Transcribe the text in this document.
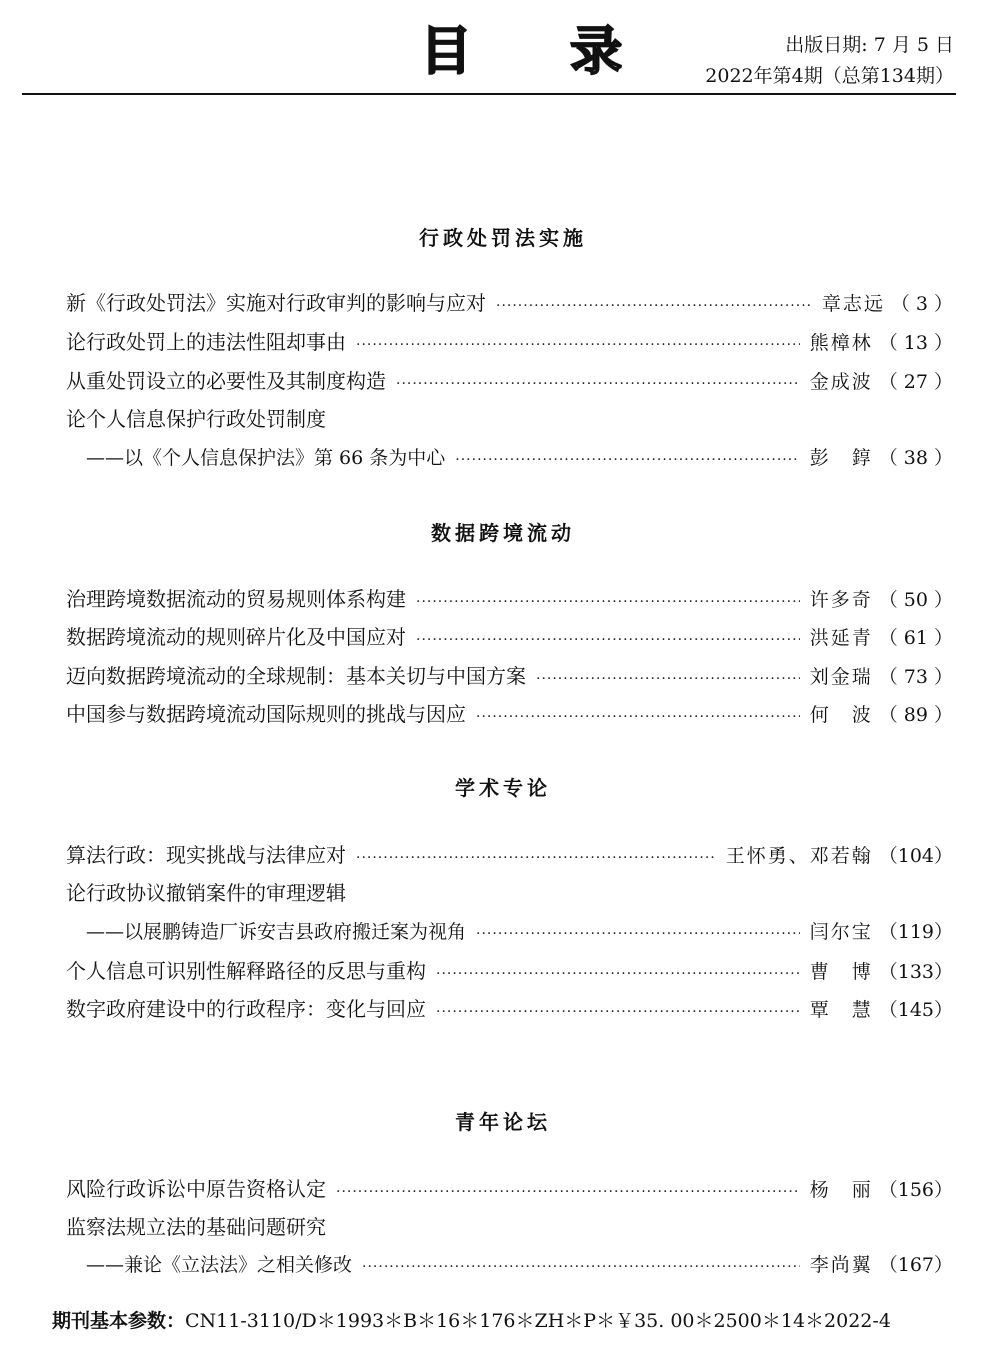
目 录	出版日期: 7 月 5 日
2022年第4期（总第134期）
行政处罚法实施
新《行政处罚法》实施对行政审判的影响与应对 ·····	章志远 （ 3 ）
论行政处罚上的违法性阻却事由 ·····	熊樟林 （ 13 ）
从重处罚设立的必要性及其制度构造 ·····	金成波 （ 27 ）
论个人信息保护行政处罚制度
——以《个人信息保护法》第 66 条为中心 ·····	彭　錞 （ 38 ）
数据跨境流动
治理跨境数据流动的贸易规则体系构建 ·····	许多奇 （ 50 ）
数据跨境流动的规则碎片化及中国应对 ·····	洪延青 （ 61 ）
迈向数据跨境流动的全球规制：基本关切与中国方案 ·····	刘金瑞 （ 73 ）
中国参与数据跨境流动国际规则的挑战与因应 ·····	何　波 （ 89 ）
学术专论
算法行政：现实挑战与法律应对 ·····	王怀勇、邓若翰 （104）
论行政协议撤销案件的审理逻辑
——以展鹏铸造厂诉安吉县政府搬迁案为视角 ·····	闫尔宝 （119）
个人信息可识别性解释路径的反思与重构 ·····	曹　博 （133）
数字政府建设中的行政程序：变化与回应 ·····	覃　慧 （145）
青年论坛
风险行政诉讼中原告资格认定 ·····	杨　丽 （156）
监察法规立法的基础问题研究
——兼论《立法法》之相关修改 ·····	李尚翼 （167）
期刊基本参数：CN11-3110/D＊1993＊B＊16＊176＊ZH＊P＊￥35. 00＊2500＊14＊2022-4
